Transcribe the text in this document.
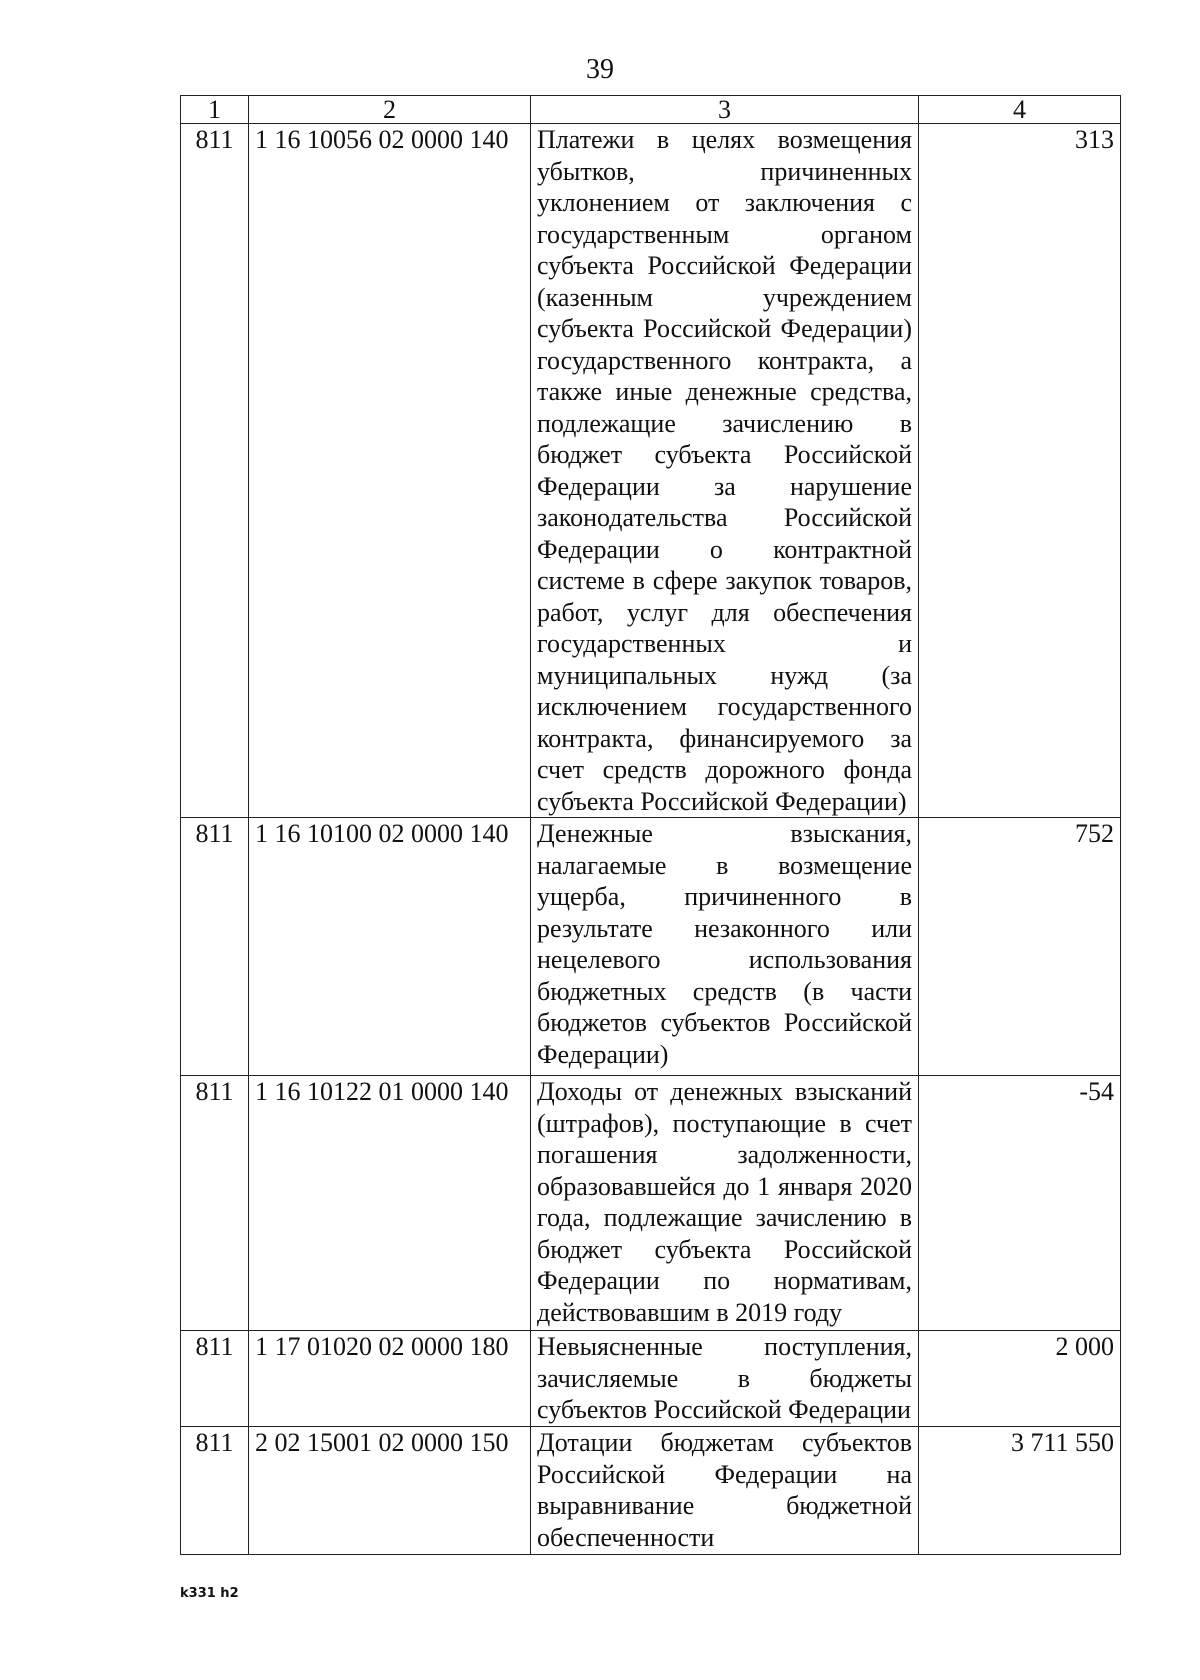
39
1	2	3	4
811	1 16 10056 02 0000 140	Платежи в целях возмещения убытков, причиненных уклонением от заключения с государственным органом субъекта Российской Федерации (казенным учреждением субъекта Российской Федерации) государственного контракта, а также иные денежные средства, подлежащие зачислению в бюджет субъекта Российской Федерации за нарушение законодательства Российской Федерации о контрактной системе в сфере закупок товаров, работ, услуг для обеспечения государственных и муниципальных нужд (за исключением государственного контракта, финансируемого за счет средств дорожного фонда субъекта Российской Федерации)	313
811	1 16 10100 02 0000 140	Денежные взыскания, налагаемые в возмещение ущерба, причиненного в результате незаконного или нецелевого использования бюджетных средств (в части бюджетов субъектов Российской Федерации)	752
811	1 16 10122 01 0000 140	Доходы от денежных взысканий (штрафов), поступающие в счет погашения задолженности, образовавшейся до 1 января 2020 года, подлежащие зачислению в бюджет субъекта Российской Федерации по нормативам, действовавшим в 2019 году	-54
811	1 17 01020 02 0000 180	Невыясненные поступления, зачисляемые в бюджеты субъектов Российской Федерации	2 000
811	2 02 15001 02 0000 150	Дотации бюджетам субъектов Российской Федерации на выравнивание бюджетной обеспеченности	3 711 550
k331 h2
